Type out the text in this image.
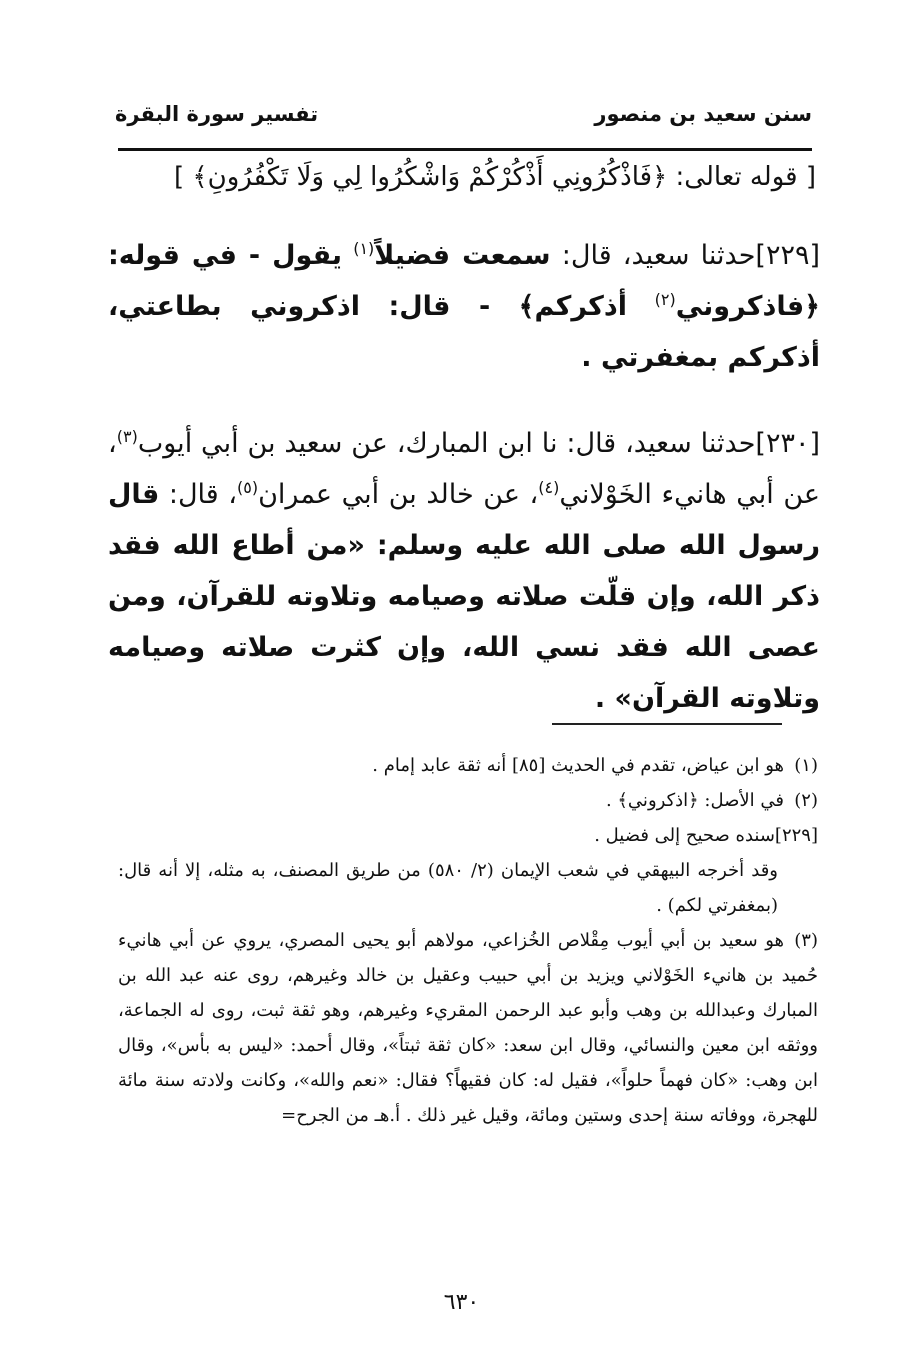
سنن سعيد بن منصور
تفسير سورة البقرة
[ قوله تعالى: ﴿فَاذْكُرُونِي أَذْكُرْكُمْ وَاشْكُرُوا لِي وَلَا تَكْفُرُونِ﴾ ]
[٢٢٩]حدثنا سعيد، قال: سمعت فضيلاً$^{(١)}$ يقول - في قوله: ﴿فاذكروني$^{(٢)}$ أذكركم﴾ - قال: اذكروني بطاعتي، أذكركم بمغفرتي .
[٢٣٠]حدثنا سعيد، قال: نا ابن المبارك، عن سعيد بن أبي أيوب$^{(٣)}$، عن أبي هانيء الخَوْلاني$^{(٤)}$، عن خالد بن أبي عمران$^{(٥)}$، قال: قال رسول الله صلى الله عليه وسلم: «من أطاع الله فقد ذكر الله، وإن قلّت صلاته وصيامه وتلاوته للقرآن، ومن عصى الله فقد نسي الله، وإن كثرت صلاته وصيامه وتلاوته القرآن» .

(١)هو ابن عياض، تقدم في الحديث [٨٥] أنه ثقة عابد إمام .

(٢)في الأصل: ﴿اذكروني﴾ .

[٢٢٩]سنده صحيح إلى فضيل .

وقد أخرجه البيهقي في شعب الإيمان (٢/ ٥٨٠) من طريق المصنف، به مثله، إلا أنه قال: (بمغفرتي لكم) .

(٣)هو سعيد بن أبي أيوب مِقْلاص الخُزاعي، مولاهم أبو يحيى المصري، يروي عن أبي هانيء حُميد بن هانيء الخَوْلاني ويزيد بن أبي حبيب وعقيل بن خالد وغيرهم، روى عنه عبد الله بن المبارك وعبدالله بن وهب وأبو عبد الرحمن المقريء وغيرهم، وهو ثقة ثبت، روى له الجماعة، ووثقه ابن معين والنسائي، وقال ابن سعد: «كان ثقة ثبتاً»، وقال أحمد: «ليس به بأس»، وقال ابن وهب: «كان فهماً حلواً»، فقيل له: كان فقيهاً؟ فقال: «نعم والله»، وكانت ولادته سنة مائة للهجرة، ووفاته سنة إحدى وستين ومائة، وقيل غير ذلك . أ.هـ من الجرح=

٦٣٠
